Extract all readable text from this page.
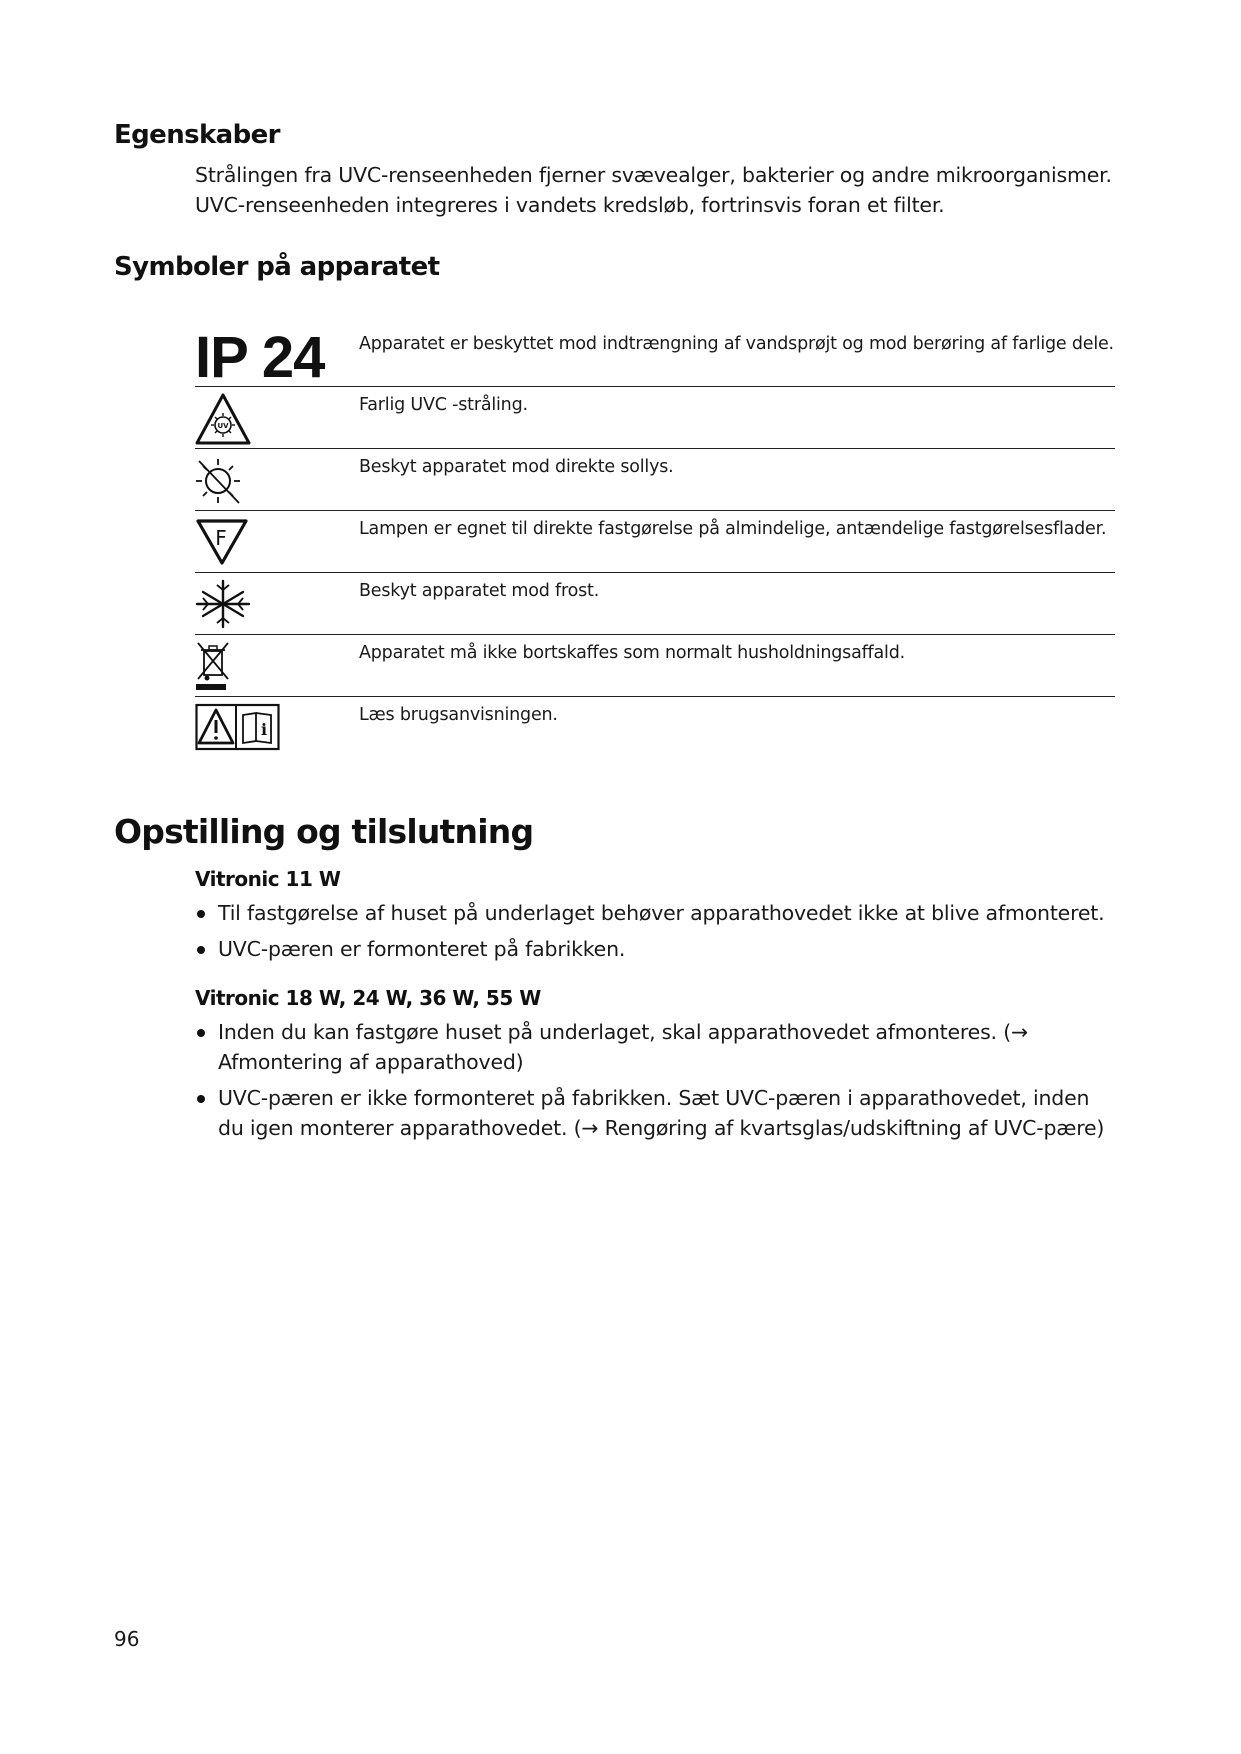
Egenskaber

Strålingen fra UVC-renseenheden fjerner svævealger, bakterier og andre mikroorganismer. UVC-renseenheden integreres i vandets kredsløb, fortrinsvis foran et filter.

Symboler på apparatet
IP 24 Apparatet er beskyttet mod indtrængning af vandsprøjt og mod berøring af farlige dele.
UV
Farlig UVC -stråling.
Beskyt apparatet mod direkte sollys.
F	Lampen er egnet til direkte fastgørelse på almindelige, antændelige fastgørelsesflader.
Beskyt apparatet mod frost.
Apparatet må ikke bortskaffes som normalt husholdningsaffald.
i
Læs brugsanvisningen.
Opstilling og tilslutning
Vitronic 11 W
Til fastgørelse af huset på underlaget behøver apparathovedet ikke at blive afmonteret.
UVC-pæren er formonteret på fabrikken.
Vitronic 18 W, 24 W, 36 W, 55 W
Inden du kan fastgøre huset på underlaget, skal apparathovedet afmonteres. (→ Afmontering af apparathoved)
UVC-pæren er ikke formonteret på fabrikken. Sæt UVC-pæren i apparathovedet, inden du igen monterer apparathovedet. (→ Rengøring af kvartsglas/udskiftning af UVC-pære)
96
